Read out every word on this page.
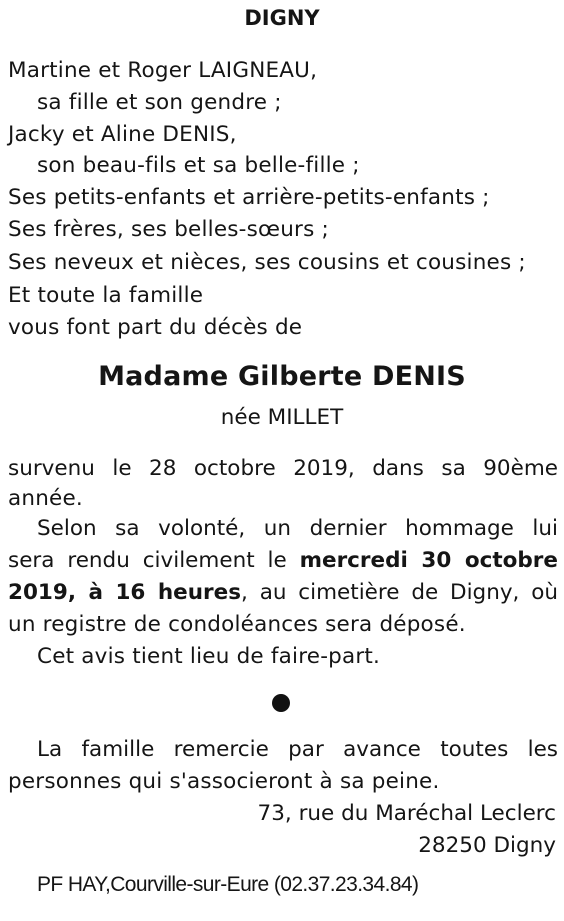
DIGNY
Martine et Roger LAIGNEAU,
sa fille et son gendre ;
Jacky et Aline DENIS,
son beau-fils et sa belle-fille ;
Ses petits-enfants et arrière-petits-enfants ;
Ses frères, ses belles-sœurs ;
Ses neveux et nièces, ses cousins et cousines ;
Et toute la famille
vous font part du décès de
Madame Gilberte DENIS
née MILLET
survenu le 28 octobre 2019, dans sa 90ème
année.
Selon sa volonté, un dernier hommage lui
sera rendu civilement le mercredi 30 octobre
2019, à 16 heures, au cimetière de Digny, où
un registre de condoléances sera déposé.
Cet avis tient lieu de faire-part.
La famille remercie par avance toutes les
personnes qui s'associeront à sa peine.
73, rue du Maréchal Leclerc
28250 Digny
PF HAY,Courville-sur-Eure (02.37.23.34.84)
